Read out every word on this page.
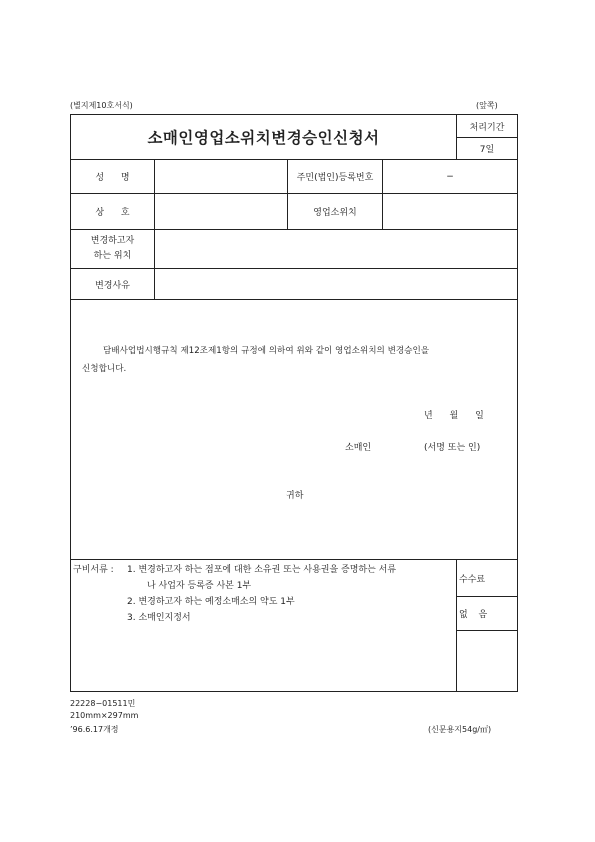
(별지제10호서식)	(앞쪽)
소매인영업소위치변경승인신청서
처리기간
7일
성 명	주민(법인)등록번호	−
상 호	영업소위치
변경하고자
하는 위치
변경사유
담배사업법시행규칙 제12조제1항의 규정에 의하여 위와 같이 영업소위치의 변경승인을
신청합니다.
년 월 일
소매인	(서명 또는 인)
귀하
구비서류 : 1. 변경하고자 하는 점포에 대한 소유권 또는 사용권을 증명하는 서류
나 사업자 등록증 사본 1부
2. 변경하고자 하는 예정소매소의 약도 1부
3. 소매인지정서
수수료
없 음
22228−01511민
210mm×297mm
’96.6.17개정	(신문용지54g/㎡)
